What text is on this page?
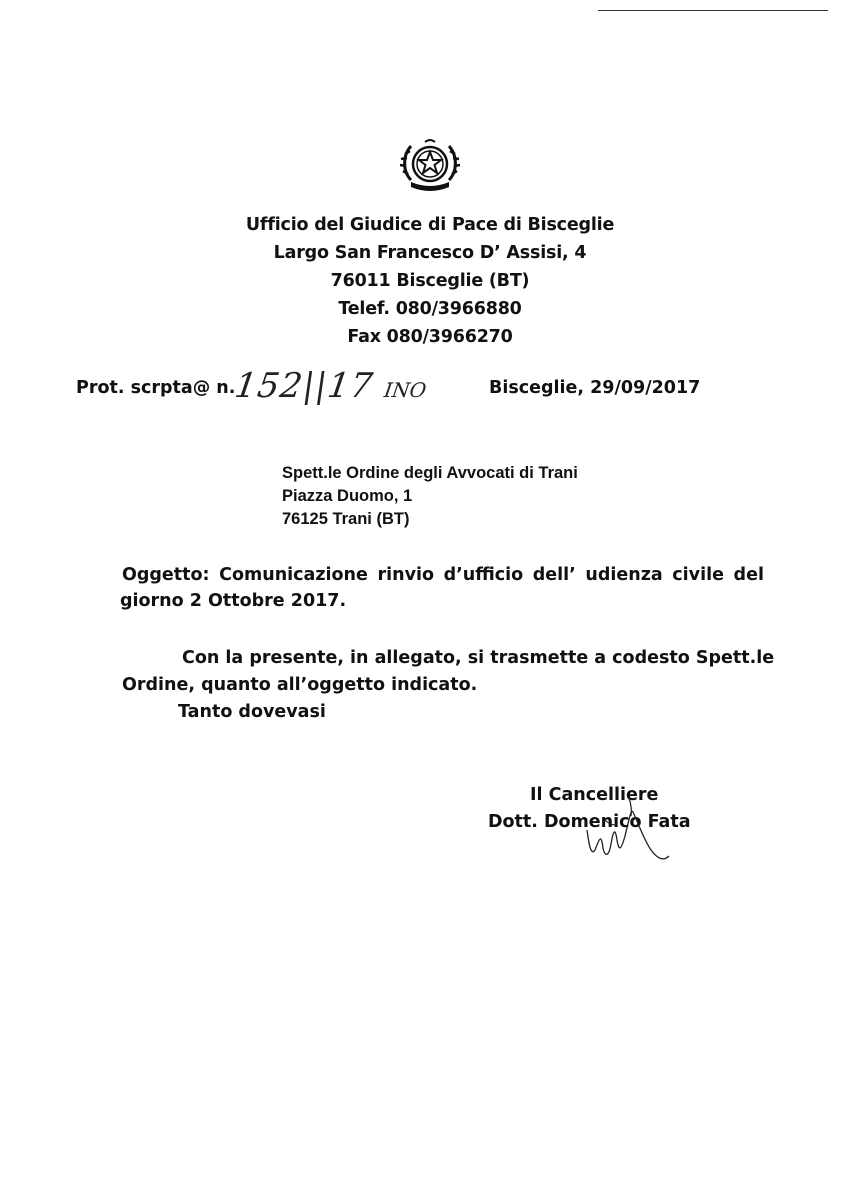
Ufficio del Giudice di Pace di Bisceglie
Largo San Francesco D’ Assisi, 4
76011 Bisceglie (BT)
Telef. 080/3966880
Fax 080/3966270
Prot. scrpta@ n.
152||17 INO	Bisceglie, 29/09/2017
Spett.le Ordine degli Avvocati di Trani
Piazza Duomo, 1
76125 Trani (BT)
Oggetto: Comunicazione rinvio d’ufficio dell’ udienza civile del
giorno 2 Ottobre 2017.
Con la presente, in allegato, si trasmette a codesto Spett.le
Ordine, quanto all’oggetto indicato.
Tanto dovevasi
Il Cancelliere
Dott. Domenico Fata
